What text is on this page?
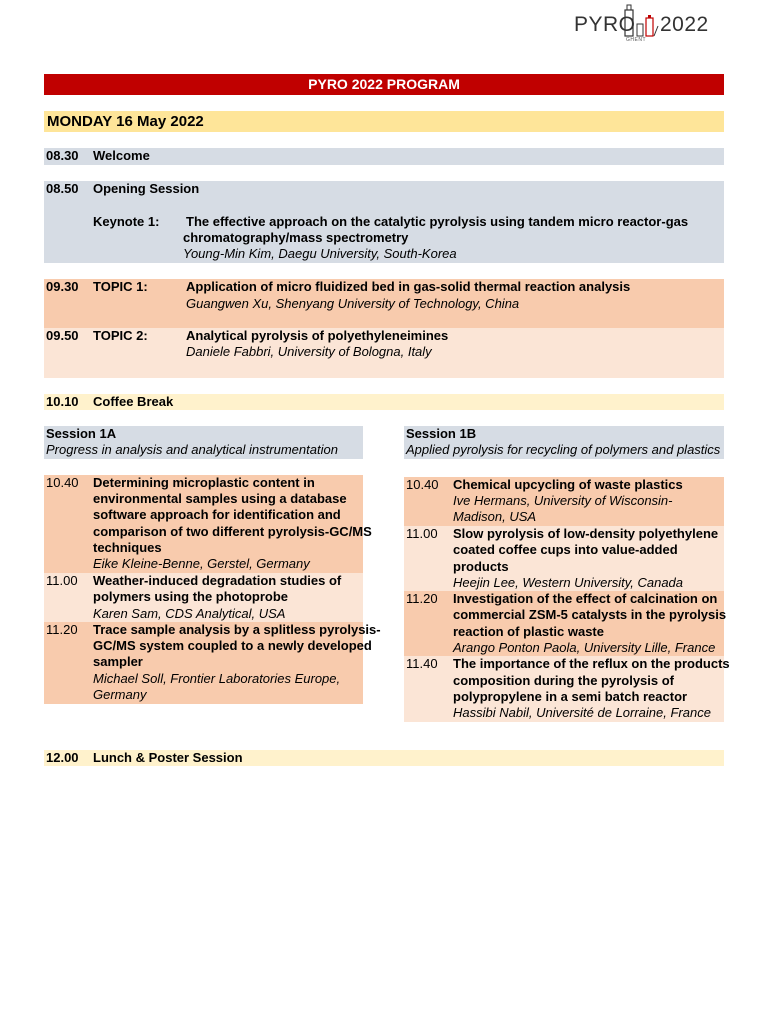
PYRO 2022
GHENT
PYRO 2022 PROGRAM
MONDAY 16 May 2022
08.30 Welcome
08.50 Opening Session
Keynote 1: The effective approach on the catalytic pyrolysis using tandem micro reactor-gas
chromatography/mass spectrometry
Young-Min Kim, Daegu University, South-Korea
09.30 TOPIC 1:	Application of micro fluidized bed in gas-solid thermal reaction analysis
Guangwen Xu, Shenyang University of Technology, China
09.50 TOPIC 2:	Analytical pyrolysis of polyethyleneimines
Daniele Fabbri, University of Bologna, Italy
10.10 Coffee Break
Session 1A
Progress in analysis and analytical instrumentation
Session 1B
Applied pyrolysis for recycling of polymers and plastics
10.40 Determining microplastic content in
environmental samples using a database
software approach for identification and
comparison of two different pyrolysis-GC/MS
techniques
Eike Kleine-Benne, Gerstel, Germany
11.00 Weather-induced degradation studies of
polymers using the photoprobe
Karen Sam, CDS Analytical, USA
11.20 Trace sample analysis by a splitless pyrolysis-
GC/MS system coupled to a newly developed
sampler
Michael Soll, Frontier Laboratories Europe,
Germany
10.40 Chemical upcycling of waste plastics
Ive Hermans, University of Wisconsin-
Madison, USA
11.00 Slow pyrolysis of low-density polyethylene
coated coffee cups into value-added
products
Heejin Lee, Western University, Canada
11.20 Investigation of the effect of calcination on
commercial ZSM-5 catalysts in the pyrolysis
reaction of plastic waste
Arango Ponton Paola, University Lille, France
11.40 The importance of the reflux on the products
composition during the pyrolysis of
polypropylene in a semi batch reactor
Hassibi Nabil, Université de Lorraine, France
12.00 Lunch & Poster Session
